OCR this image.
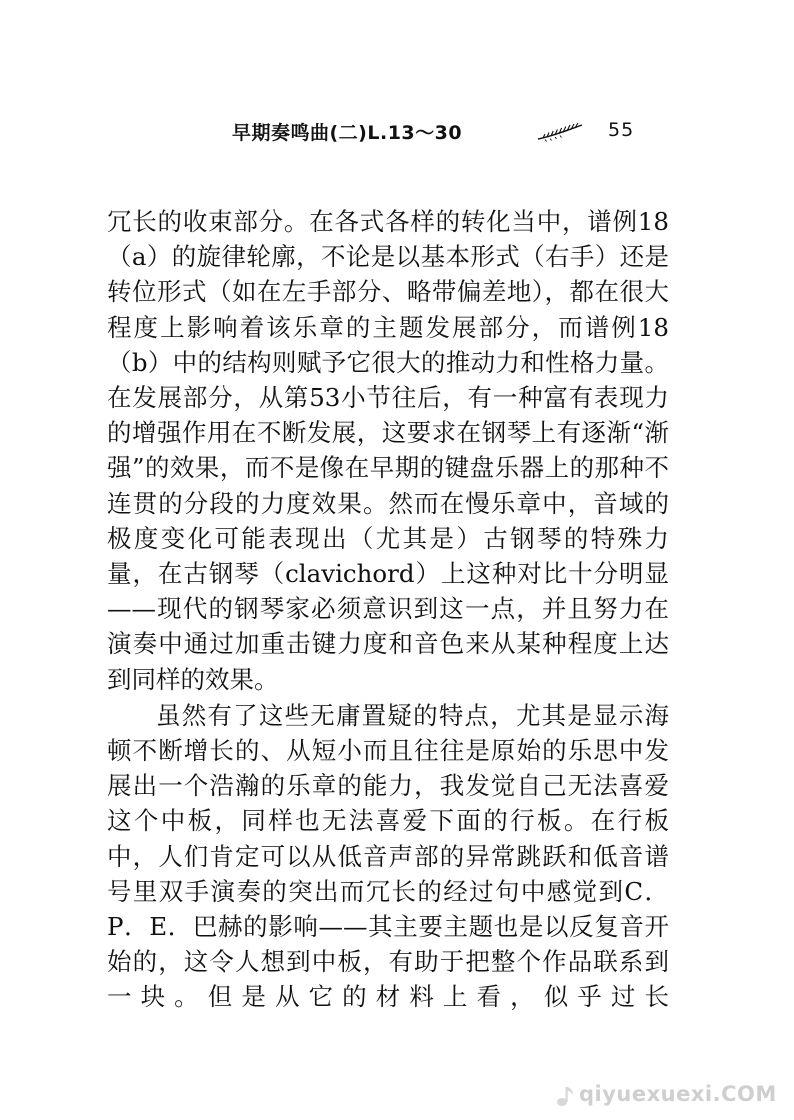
早期奏鸣曲(二)L.13～30	55

冗长的收束部分。在各式各样的转化当中，谱例18（a）的旋律轮廓，不论是以基本形式（右手）还是转位形式（如在左手部分、略带偏差地），都在很大程度上影响着该乐章的主题发展部分，而谱例18（b）中的结构则赋予它很大的推动力和性格力量。在发展部分，从第53小节往后，有一种富有表现力的增强作用在不断发展，这要求在钢琴上有逐渐“渐强”的效果，而不是像在早期的键盘乐器上的那种不连贯的分段的力度效果。然而在慢乐章中，音域的极度变化可能表现出（尤其是）古钢琴的特殊力量，在古钢琴（clavichord）上这种对比十分明显——现代的钢琴家必须意识到这一点，并且努力在演奏中通过加重击键力度和音色来从某种程度上达到同样的效果。

虽然有了这些无庸置疑的特点，尤其是显示海顿不断增长的、从短小而且往往是原始的乐思中发展出一个浩瀚的乐章的能力，我发觉自己无法喜爱这个中板，同样也无法喜爱下面的行板。在行板中，人们肯定可以从低音声部的异常跳跃和低音谱号里双手演奏的突出而冗长的经过句中感觉到C．P．E．巴赫的影响——其主要主题也是以反复音开始的，这令人想到中板，有助于把整个作品联系到一块。但是从它的材料上看，似乎过长

qiyuexuexi.COM
